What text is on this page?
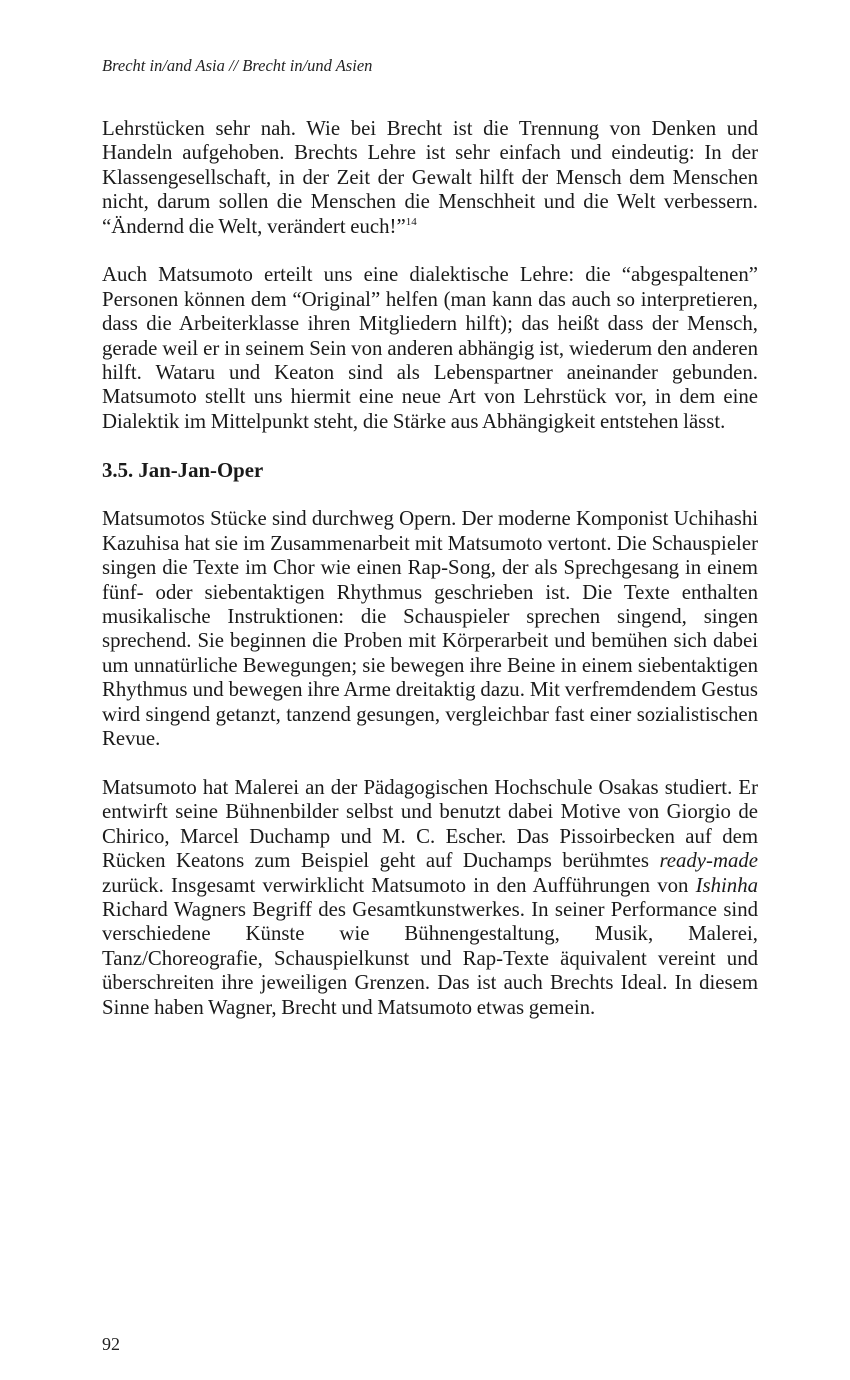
Brecht in/and Asia // Brecht in/und Asien

Lehrstücken sehr nah. Wie bei Brecht ist die Trennung von Denken und Handeln aufgehoben. Brechts Lehre ist sehr einfach und eindeutig: In der Klassengesellschaft, in der Zeit der Gewalt hilft der Mensch dem Menschen nicht, darum sollen die Menschen die Menschheit und die Welt verbessern. “Ändernd die Welt, verändert euch!”$^{14}$

Auch Matsumoto erteilt uns eine dialektische Lehre: die “abgespaltenen” Personen können dem “Original” helfen (man kann das auch so interpretieren, dass die Arbeiterklasse ihren Mitgliedern hilft); das heißt dass der Mensch, gerade weil er in seinem Sein von anderen abhängig ist, wiederum den anderen hilft. Wataru und Keaton sind als Lebenspartner aneinander gebunden. Matsumoto stellt uns hiermit eine neue Art von Lehrstück vor, in dem eine Dialektik im Mittelpunkt steht, die Stärke aus Abhängigkeit entstehen lässt.

3.5. Jan-Jan-Oper

Matsumotos Stücke sind durchweg Opern. Der moderne Komponist Uchihashi Kazuhisa hat sie im Zusammenarbeit mit Matsumoto vertont. Die Schauspieler singen die Texte im Chor wie einen Rap-Song, der als Sprechgesang in einem fünf- oder siebentaktigen Rhythmus geschrieben ist. Die Texte enthalten musikalische Instruktionen: die Schauspieler sprechen singend, singen sprechend. Sie beginnen die Proben mit Körperarbeit und bemühen sich dabei um unnatürliche Bewegungen; sie bewegen ihre Beine in einem siebentaktigen Rhythmus und bewegen ihre Arme dreitaktig dazu. Mit verfremdendem Gestus wird singend getanzt, tanzend gesungen, vergleichbar fast einer sozialistischen Revue.

Matsumoto hat Malerei an der Pädagogischen Hochschule Osakas studiert. Er entwirft seine Bühnenbilder selbst und benutzt dabei Motive von Giorgio de Chirico, Marcel Duchamp und M. C. Escher. Das Pissoirbecken auf dem Rücken Keatons zum Beispiel geht auf Duchamps berühmtes ready-made zurück. Insgesamt verwirklicht Matsumoto in den Aufführungen von Ishinha Richard Wagners Begriff des Gesamtkunstwerkes. In seiner Performance sind verschiedene Künste wie Bühnengestaltung, Musik, Malerei, Tanz/Choreografie, Schauspielkunst und Rap-Texte äquivalent vereint und überschreiten ihre jeweiligen Grenzen. Das ist auch Brechts Ideal. In diesem Sinne haben Wagner, Brecht und Matsumoto etwas gemein.

92
